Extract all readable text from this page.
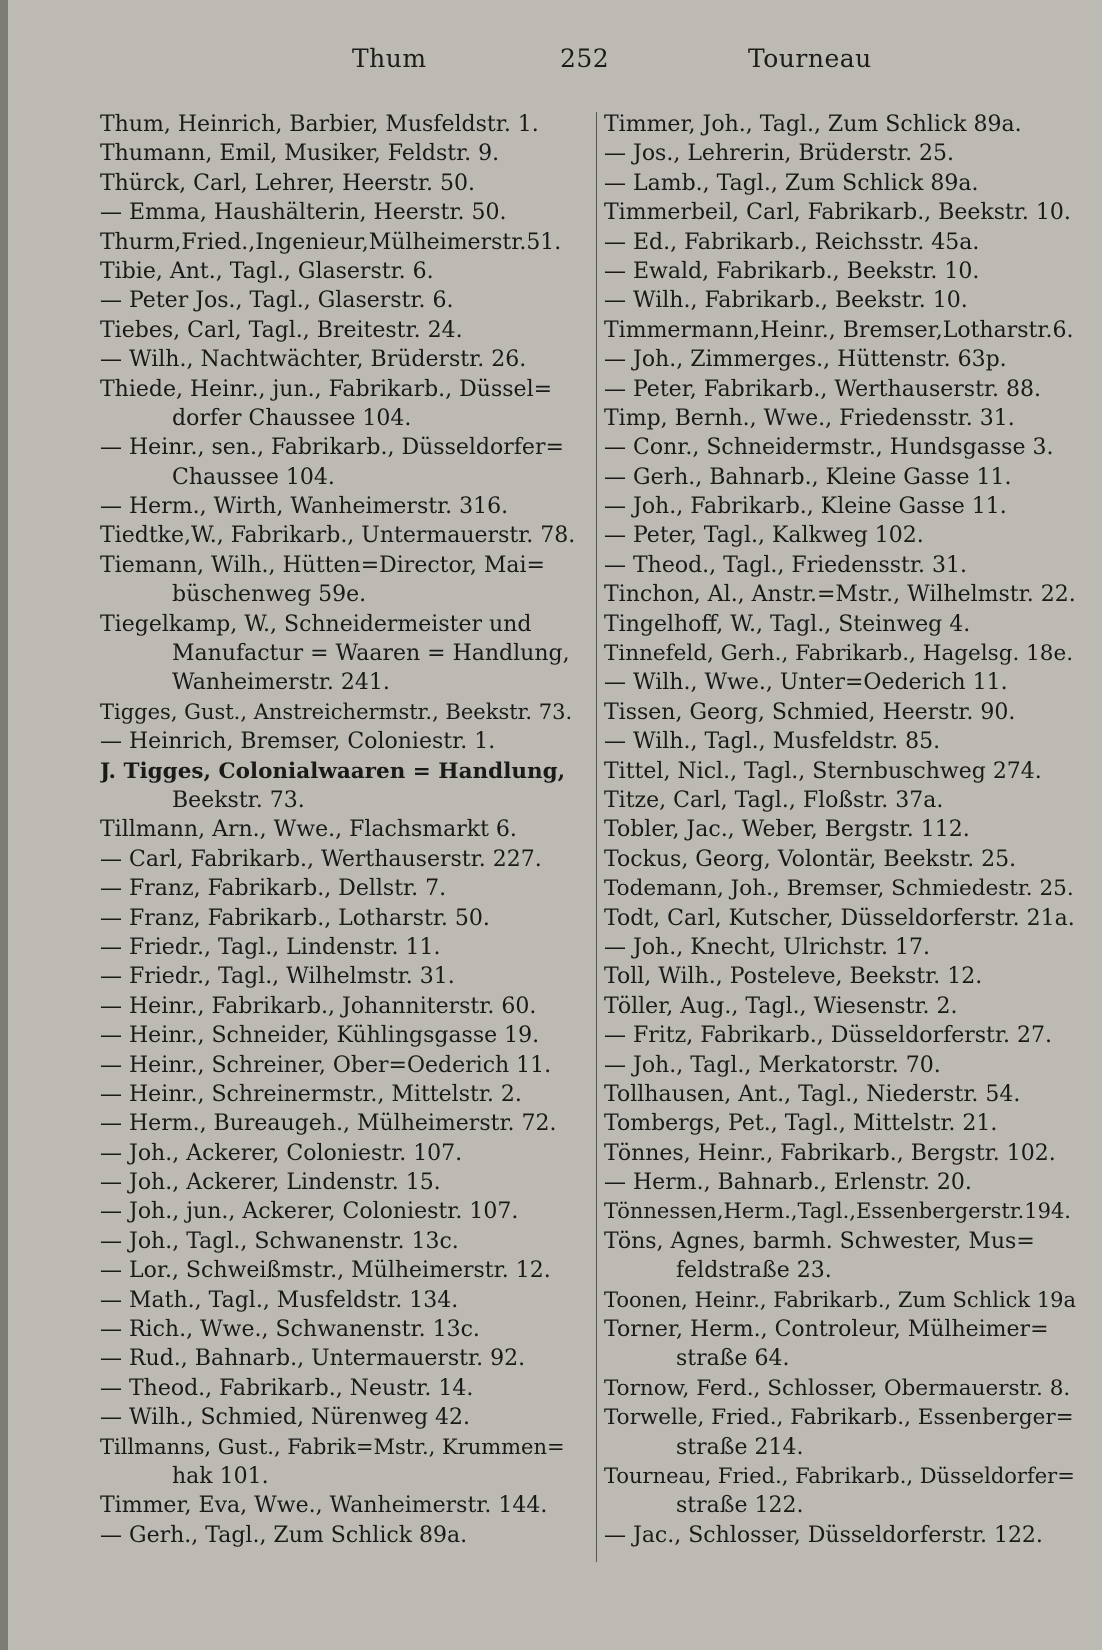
Thum	252	Tourneau
Thum, Heinrich, Barbier, Musfeldstr. 1.
Thumann, Emil, Musiker, Feldstr. 9.
Thürck, Carl, Lehrer, Heerstr. 50.
— Emma, Haushälterin, Heerstr. 50.
Thurm,Fried.,Ingenieur,Mülheimerstr.51.
Tibie, Ant., Tagl., Glaserstr. 6.
— Peter Jos., Tagl., Glaserstr. 6.
Tiebes, Carl, Tagl., Breitestr. 24.
— Wilh., Nachtwächter, Brüderstr. 26.
Thiede, Heinr., jun., Fabrikarb., Düssel=
dorfer Chaussee 104.
— Heinr., sen., Fabrikarb., Düsseldorfer=
Chaussee 104.
— Herm., Wirth, Wanheimerstr. 316.
Tiedtke,W., Fabrikarb., Untermauerstr. 78.
Tiemann, Wilh., Hütten=Director, Mai=
büschenweg 59e.
Tiegelkamp, W., Schneidermeister und
Manufactur = Waaren = Handlung,
Wanheimerstr. 241.
Tigges, Gust., Anstreichermstr., Beekstr. 73.
— Heinrich, Bremser, Coloniestr. 1.
J. Tigges, Colonialwaaren = Handlung,
Beekstr. 73.
Tillmann, Arn., Wwe., Flachsmarkt 6.
— Carl, Fabrikarb., Werthauserstr. 227.
— Franz, Fabrikarb., Dellstr. 7.
— Franz, Fabrikarb., Lotharstr. 50.
— Friedr., Tagl., Lindenstr. 11.
— Friedr., Tagl., Wilhelmstr. 31.
— Heinr., Fabrikarb., Johanniterstr. 60.
— Heinr., Schneider, Kühlingsgasse 19.
— Heinr., Schreiner, Ober=Oederich 11.
— Heinr., Schreinermstr., Mittelstr. 2.
— Herm., Bureaugeh., Mülheimerstr. 72.
— Joh., Ackerer, Coloniestr. 107.
— Joh., Ackerer, Lindenstr. 15.
— Joh., jun., Ackerer, Coloniestr. 107.
— Joh., Tagl., Schwanenstr. 13c.
— Lor., Schweißmstr., Mülheimerstr. 12.
— Math., Tagl., Musfeldstr. 134.
— Rich., Wwe., Schwanenstr. 13c.
— Rud., Bahnarb., Untermauerstr. 92.
— Theod., Fabrikarb., Neustr. 14.
— Wilh., Schmied, Nürenweg 42.
Tillmanns, Gust., Fabrik=Mstr., Krummen=
hak 101.
Timmer, Eva, Wwe., Wanheimerstr. 144.
— Gerh., Tagl., Zum Schlick 89a.
Timmer, Joh., Tagl., Zum Schlick 89a.
— Jos., Lehrerin, Brüderstr. 25.
— Lamb., Tagl., Zum Schlick 89a.
Timmerbeil, Carl, Fabrikarb., Beekstr. 10.
— Ed., Fabrikarb., Reichsstr. 45a.
— Ewald, Fabrikarb., Beekstr. 10.
— Wilh., Fabrikarb., Beekstr. 10.
Timmermann,Heinr., Bremser,Lotharstr.6.
— Joh., Zimmerges., Hüttenstr. 63p.
— Peter, Fabrikarb., Werthauserstr. 88.
Timp, Bernh., Wwe., Friedensstr. 31.
— Conr., Schneidermstr., Hundsgasse 3.
— Gerh., Bahnarb., Kleine Gasse 11.
— Joh., Fabrikarb., Kleine Gasse 11.
— Peter, Tagl., Kalkweg 102.
— Theod., Tagl., Friedensstr. 31.
Tinchon, Al., Anstr.=Mstr., Wilhelmstr. 22.
Tingelhoff, W., Tagl., Steinweg 4.
Tinnefeld, Gerh., Fabrikarb., Hagelsg. 18e.
— Wilh., Wwe., Unter=Oederich 11.
Tissen, Georg, Schmied, Heerstr. 90.
— Wilh., Tagl., Musfeldstr. 85.
Tittel, Nicl., Tagl., Sternbuschweg 274.
Titze, Carl, Tagl., Floßstr. 37a.
Tobler, Jac., Weber, Bergstr. 112.
Tockus, Georg, Volontär, Beekstr. 25.
Todemann, Joh., Bremser, Schmiedestr. 25.
Todt, Carl, Kutscher, Düsseldorferstr. 21a.
— Joh., Knecht, Ulrichstr. 17.
Toll, Wilh., Posteleve, Beekstr. 12.
Töller, Aug., Tagl., Wiesenstr. 2.
— Fritz, Fabrikarb., Düsseldorferstr. 27.
— Joh., Tagl., Merkatorstr. 70.
Tollhausen, Ant., Tagl., Niederstr. 54.
Tombergs, Pet., Tagl., Mittelstr. 21.
Tönnes, Heinr., Fabrikarb., Bergstr. 102.
— Herm., Bahnarb., Erlenstr. 20.
Tönnessen,Herm.,Tagl.,Essenbergerstr.194.
Töns, Agnes, barmh. Schwester, Mus=
feldstraße 23.
Toonen, Heinr., Fabrikarb., Zum Schlick 19a
Torner, Herm., Controleur, Mülheimer=
straße 64.
Tornow, Ferd., Schlosser, Obermauerstr. 8.
Torwelle, Fried., Fabrikarb., Essenberger=
straße 214.
Tourneau, Fried., Fabrikarb., Düsseldorfer=
straße 122.
— Jac., Schlosser, Düsseldorferstr. 122.
